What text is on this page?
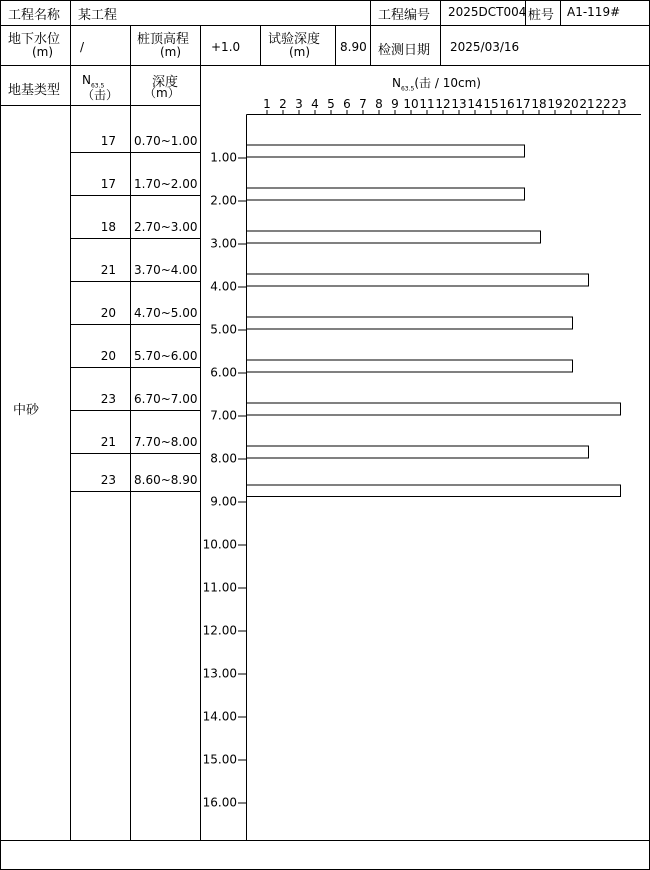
工程名称 某工程	工程编号 2025DCT004 桩号 A1-119#
地下水位
(m) /	桩顶高程
(m) +1.0 试验深度
(m) 8.90 检测日期 2025/03/16
地基类型
$N_{63.5}$
（击）
深度
（m）
$N_{63.5}$(击 / 10cm)
中砂
17 0.70~1.00
17 1.70~2.00
18 2.70~3.00
21 3.70~4.00
20 4.70~5.00
20 5.70~6.00
23 6.70~7.00
21 7.70~8.00
23 8.60~8.90
1 2 3 4 5 6 7 8 9 10 11 12 13 14 15 16 17 18 19 20 21 22 23
1.00
2.00
3.00
4.00
5.00
6.00
7.00
8.00
9.00
10.00
11.00
12.00
13.00
14.00
15.00
16.00
